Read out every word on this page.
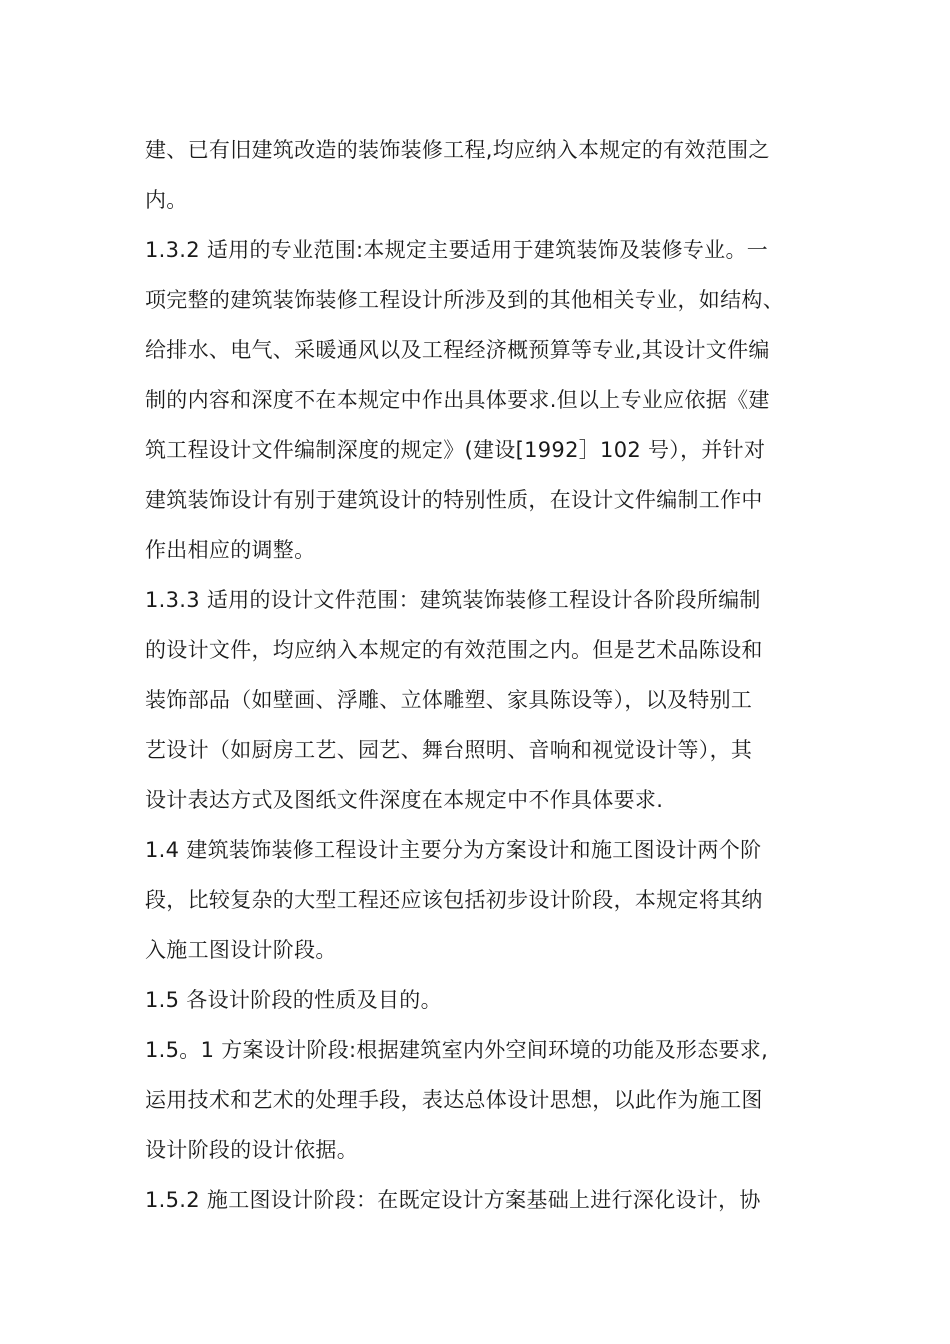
建、已有旧建筑改造的装饰装修工程,均应纳入本规定的有效范围之
内。
1.3.2 适用的专业范围:本规定主要适用于建筑装饰及装修专业。一
项完整的建筑装饰装修工程设计所涉及到的其他相关专业，如结构、
给排水、电气、采暖通风以及工程经济概预算等专业,其设计文件编
制的内容和深度不在本规定中作出具体要求.但以上专业应依据《建
筑工程设计文件编制深度的规定》(建设[1992］102 号），并针对
建筑装饰设计有别于建筑设计的特别性质，在设计文件编制工作中
作出相应的调整。
1.3.3 适用的设计文件范围：建筑装饰装修工程设计各阶段所编制
的设计文件，均应纳入本规定的有效范围之内。但是艺术品陈设和
装饰部品（如壁画、浮雕、立体雕塑、家具陈设等），以及特别工
艺设计（如厨房工艺、园艺、舞台照明、音响和视觉设计等），其
设计表达方式及图纸文件深度在本规定中不作具体要求.
1.4 建筑装饰装修工程设计主要分为方案设计和施工图设计两个阶
段，比较复杂的大型工程还应该包括初步设计阶段，本规定将其纳
入施工图设计阶段。
1.5 各设计阶段的性质及目的。
1.5。1 方案设计阶段:根据建筑室内外空间环境的功能及形态要求,
运用技术和艺术的处理手段，表达总体设计思想，以此作为施工图
设计阶段的设计依据。
1.5.2 施工图设计阶段：在既定设计方案基础上进行深化设计，协
